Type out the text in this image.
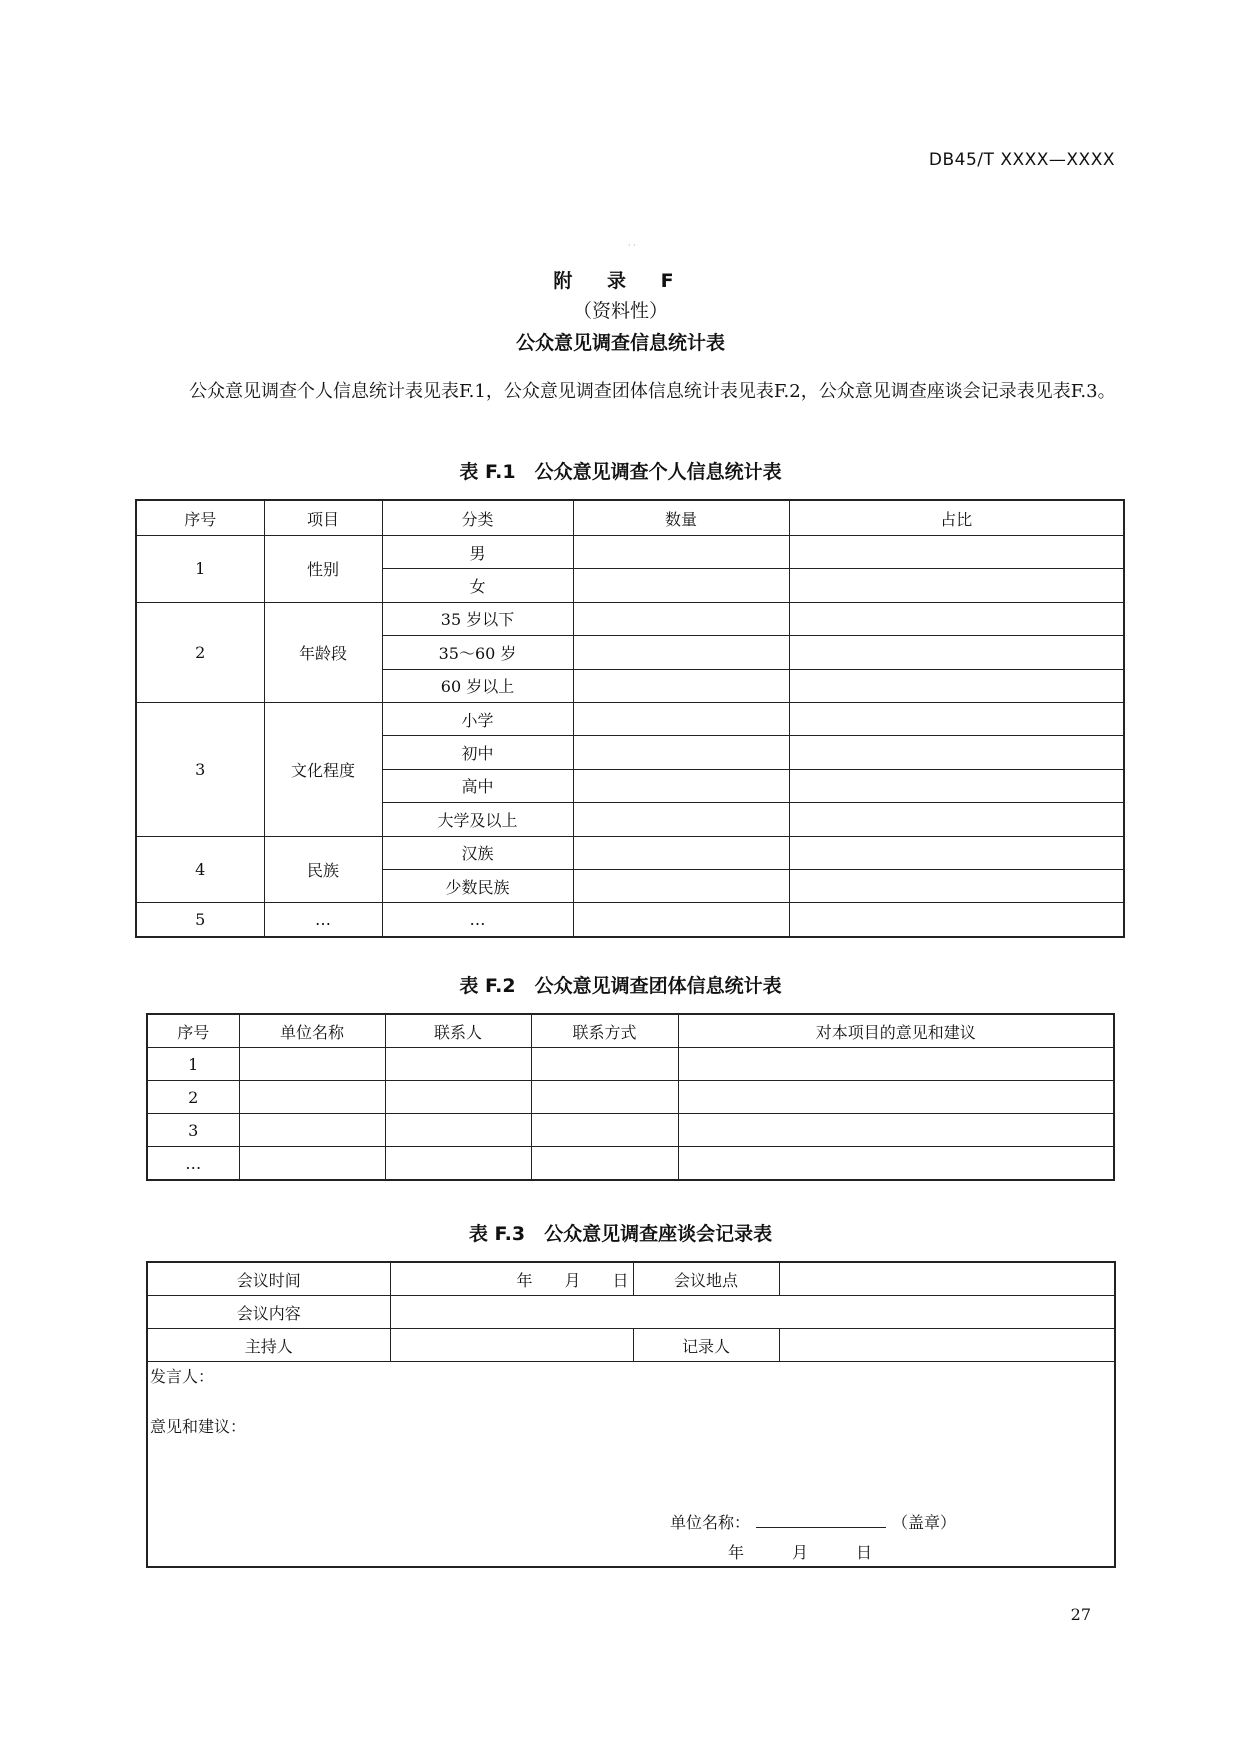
DB45/T XXXX—XXXX
· ·
附 录 F
（资料性）
公众意见调查信息统计表
公众意见调查个人信息统计表见表F.1，公众意见调查团体信息统计表见表F.2，公众意见调查座谈会记录表见表F.3。
表 F.1　公众意见调查个人信息统计表
序号	项目	分类	数量	占比
1	性别	男		
		女		
2	年龄段	35 岁以下		
		35～60 岁		
		60 岁以上		
3	文化程度	小学		
		初中		
		高中		
		大学及以上		
4	民族	汉族		
		少数民族		
5	…	…		
表 F.2　公众意见调查团体信息统计表
序号	单位名称	联系人	联系方式	对本项目的意见和建议
1				
2				
3				
…				
表 F.3　公众意见调查座谈会记录表
会议时间	年　　月　　日	会议地点	
会议内容			
主持人		记录人	

发言人：
意见和建议：
单位名称： （盖章）
年　　　月　　　日			
27
